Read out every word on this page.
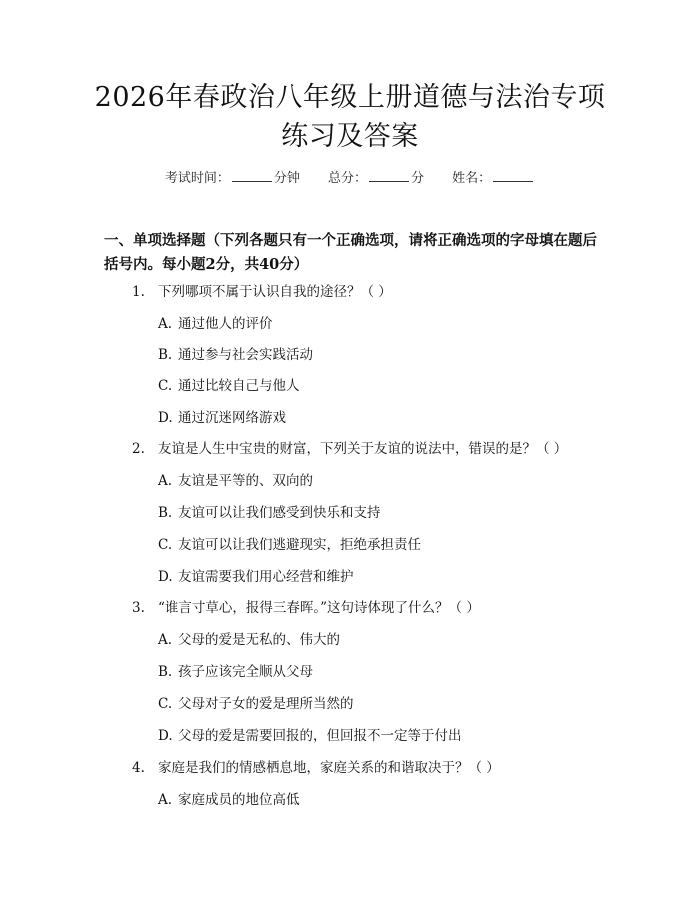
2026年春政治八年级上册道德与法治专项练习及答案
考试时间：	分钟 总分：	分 姓名：
一、单项选择题（下列各题只有一个正确选项，请将正确选项的字母填在题后括号内。每小题2分，共40分）
1. 下列哪项不属于认识自我的途径？（ ）
A. 通过他人的评价
B. 通过参与社会实践活动
C. 通过比较自己与他人
D. 通过沉迷网络游戏
2. 友谊是人生中宝贵的财富，下列关于友谊的说法中，错误的是？（ ）
A. 友谊是平等的、双向的
B. 友谊可以让我们感受到快乐和支持
C. 友谊可以让我们逃避现实，拒绝承担责任
D. 友谊需要我们用心经营和维护
3. “谁言寸草心，报得三春晖。”这句诗体现了什么？（ ）
A. 父母的爱是无私的、伟大的
B. 孩子应该完全顺从父母
C. 父母对子女的爱是理所当然的
D. 父母的爱是需要回报的，但回报不一定等于付出
4. 家庭是我们的情感栖息地，家庭关系的和谐取决于？（ ）
A. 家庭成员的地位高低
